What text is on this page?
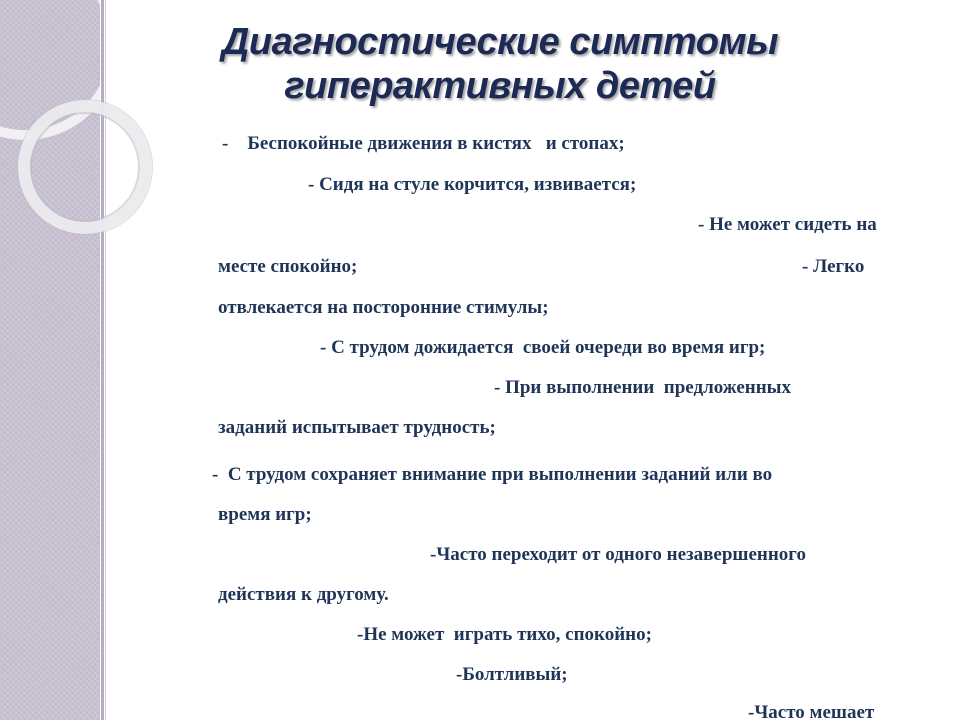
Диагностические симптомы
гиперактивных детей

-    Беспокойные движения в кистях   и стопах;

- Сидя на стуле корчится, извивается;

- Не может сидеть на

месте спокойно;	- Легко

отвлекается на посторонние стимулы;

- С трудом дожидается  своей очереди во время игр;

- При выполнении  предложенных

заданий испытывает трудность;

-  С трудом сохраняет внимание при выполнении заданий или во

время игр;

-Часто переходит от одного незавершенного

действия к другому.

-Не может  играть тихо, спокойно;

-Болтливый;

-Часто мешает
